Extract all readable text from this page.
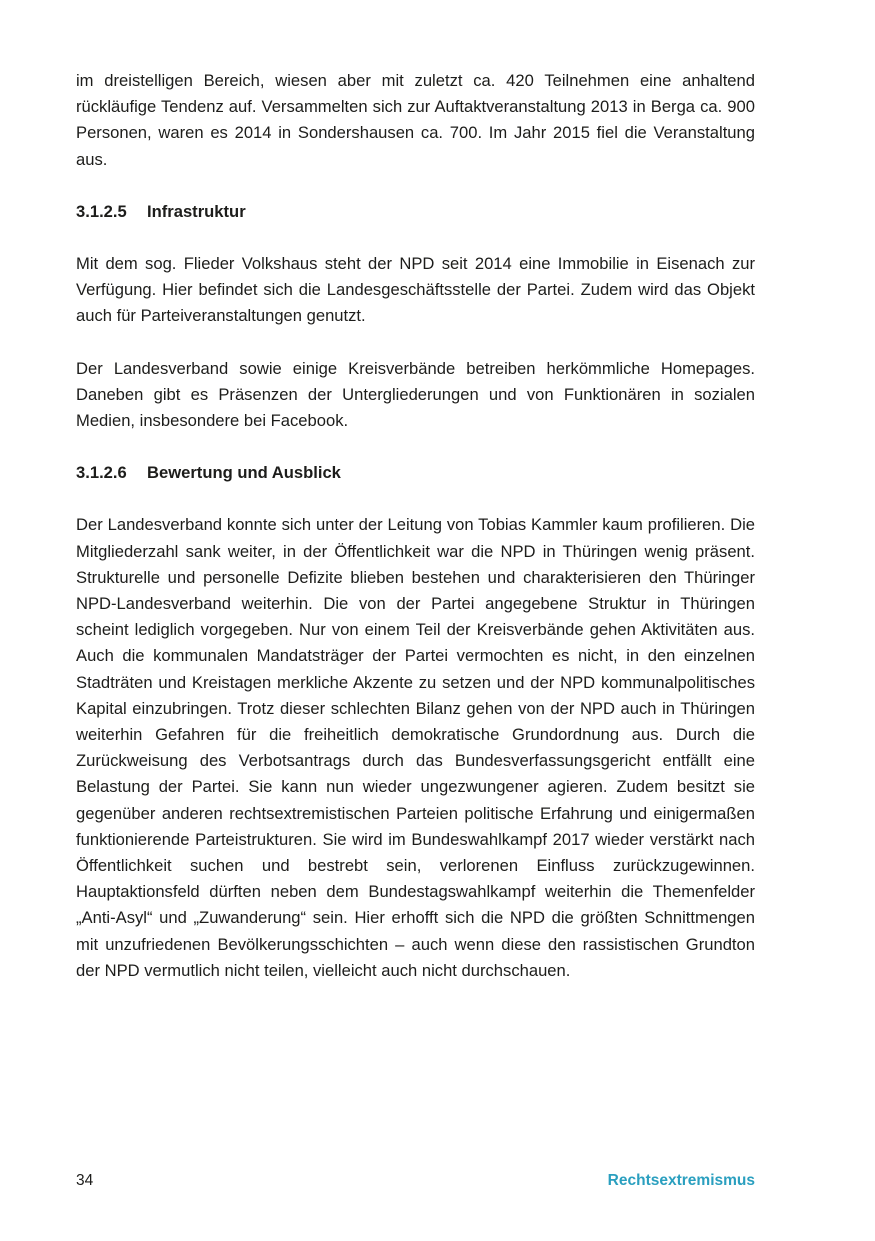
im dreistelligen Bereich, wiesen aber mit zuletzt ca. 420 Teilnehmen eine anhaltend rückläufige Tendenz auf. Versammelten sich zur Auftaktveranstaltung 2013 in Berga ca. 900 Personen, waren es 2014 in Sondershausen ca. 700. Im Jahr 2015 fiel die Veranstaltung aus.

3.1.2.5 Infrastruktur

Mit dem sog. Flieder Volkshaus steht der NPD seit 2014 eine Immobilie in Eisenach zur Verfügung. Hier befindet sich die Landesgeschäftsstelle der Partei. Zudem wird das Objekt auch für Parteiveranstaltungen genutzt.

Der Landesverband sowie einige Kreisverbände betreiben herkömmliche Homepages. Daneben gibt es Präsenzen der Untergliederungen und von Funktionären in sozialen Medien, insbesondere bei Facebook.

3.1.2.6 Bewertung und Ausblick

Der Landesverband konnte sich unter der Leitung von Tobias Kammler kaum profilieren. Die Mitgliederzahl sank weiter, in der Öffentlichkeit war die NPD in Thüringen wenig präsent. Strukturelle und personelle Defizite blieben bestehen und charakterisieren den Thüringer NPD-Landesverband weiterhin. Die von der Partei angegebene Struktur in Thüringen scheint lediglich vorgegeben. Nur von einem Teil der Kreisverbände gehen Aktivitäten aus. Auch die kommunalen Mandatsträger der Partei vermochten es nicht, in den einzelnen Stadträten und Kreistagen merkliche Akzente zu setzen und der NPD kommunalpolitisches Kapital einzubringen. Trotz dieser schlechten Bilanz gehen von der NPD auch in Thüringen weiterhin Gefahren für die freiheitlich demokratische Grundordnung aus. Durch die Zurückweisung des Verbotsantrags durch das Bundesverfassungsgericht entfällt eine Belastung der Partei. Sie kann nun wieder ungezwungener agieren. Zudem besitzt sie gegenüber anderen rechtsextremistischen Parteien politische Erfahrung und einigermaßen funktionierende Parteistrukturen. Sie wird im Bundeswahlkampf 2017 wieder verstärkt nach Öffentlichkeit suchen und bestrebt sein, verlorenen Einfluss zurückzugewinnen. Hauptaktionsfeld dürften neben dem Bundestagswahlkampf weiterhin die Themenfelder „Anti-Asyl“ und „Zuwanderung“ sein. Hier erhofft sich die NPD die größten Schnittmengen mit unzufriedenen Bevölkerungsschichten – auch wenn diese den rassistischen Grundton der NPD vermutlich nicht teilen, vielleicht auch nicht durchschauen.

34	Rechtsextremismus
